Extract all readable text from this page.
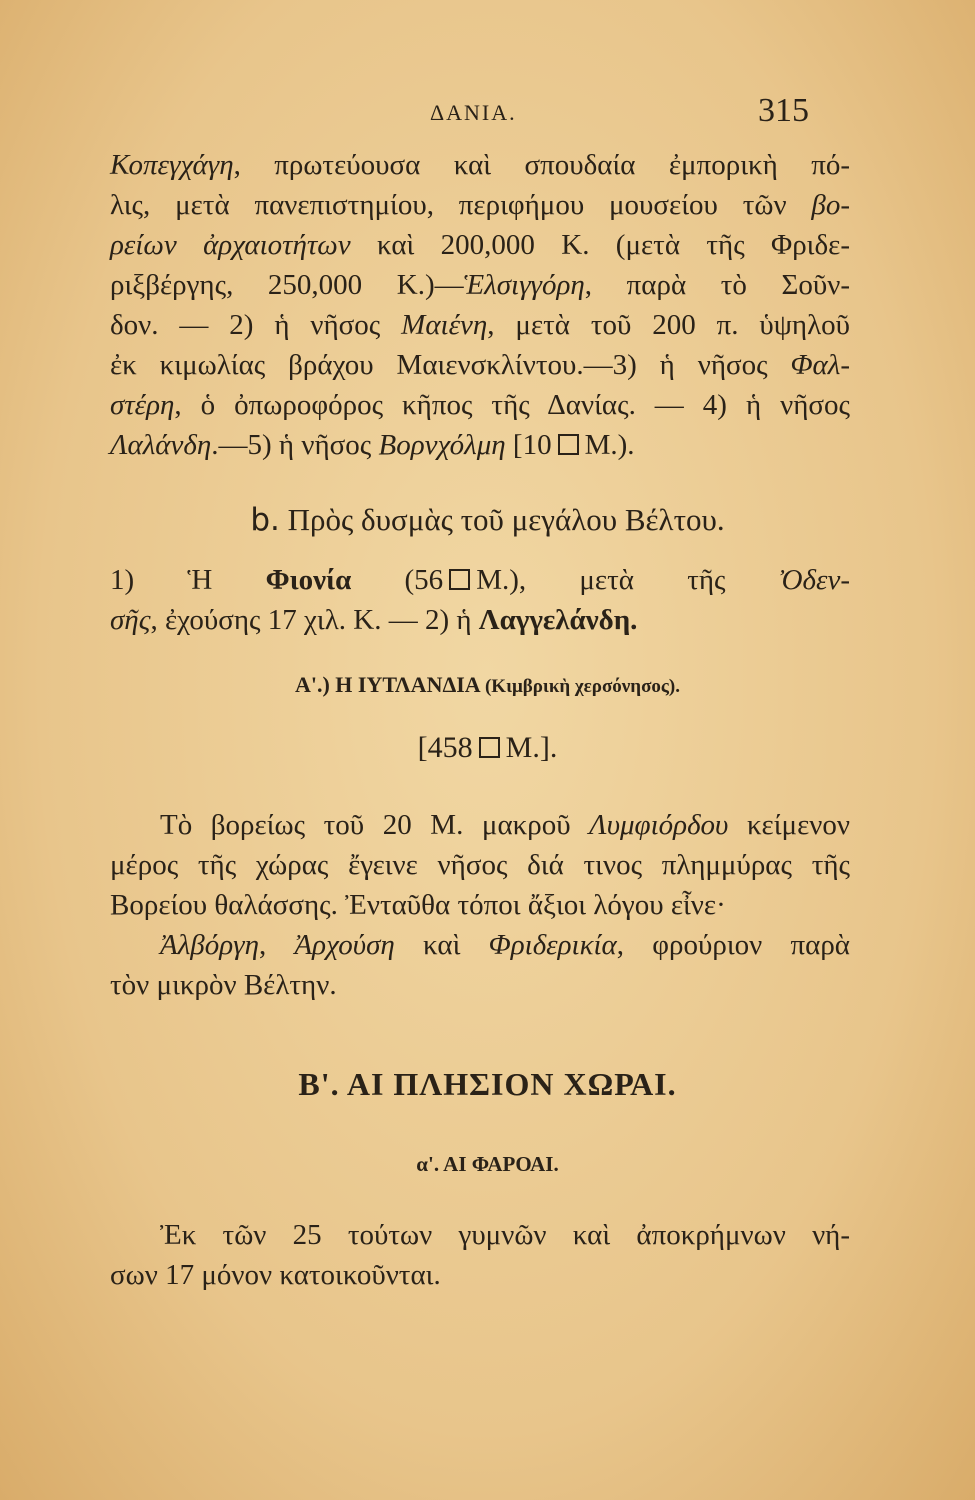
ΔΑΝΙΑ.	315
Κοπεγχάγη, πρωτεύουσα καὶ σπουδαία ἐμπορικὴ πό-
λις, μετὰ πανεπιστημίου, περιφήμου μουσείου τῶν βο-
ρείων ἀρχαιοτήτων καὶ 200,000 Κ. (μετὰ τῆς Φριδε-
ριξβέργης, 250,000 Κ.)—Ἑλσιγγόρη, παρὰ τὸ Σοῦν-
δον. — 2) ἡ νῆσος Μαιένη, μετὰ τοῦ 200 π. ὑψηλοῦ
ἐκ κιμωλίας βράχου Μαιενσκλίντου.—3) ἡ νῆσος Φαλ-
στέρη, ὁ ὀπωροφόρος κῆπος τῆς Δανίας. — 4) ἡ νῆσος
Λαλάνδη.—5) ἡ νῆσος Βορνχόλμη [10 Μ.).

b. Πρὸς δυσμὰς τοῦ μεγάλου Βέλτου.

1) Ἡ Φιονία (56 Μ.), μετὰ τῆς Ὀδεν-
σῆς, ἐχούσης 17 χιλ. Κ. — 2) ἡ Λαγγελάνδη.

Α'.) Η ΙΥΤΛΑΝΔΙΑ (Κιμβρικὴ χερσόνησος).

[458 Μ.].

Τὸ βορείως τοῦ 20 Μ. μακροῦ Λυμφιόρδου κείμενον
μέρος τῆς χώρας ἔγεινε νῆσος διά τινος πλημμύρας τῆς
Βορείου θαλάσσης. Ἐνταῦθα τόποι ἄξιοι λόγου εἶνε·
Ἀλβόργη, Ἀρχούση καὶ Φριδερικία, φρούριον παρὰ
τὸν μικρὸν Βέλτην.

Β'. ΑΙ ΠΛΗΣΙΟΝ ΧΩΡΑΙ.

α'. ΑΙ ΦΑΡΟΑΙ.

Ἐκ τῶν 25 τούτων γυμνῶν καὶ ἀποκρήμνων νή-
σων 17 μόνον κατοικοῦνται.
